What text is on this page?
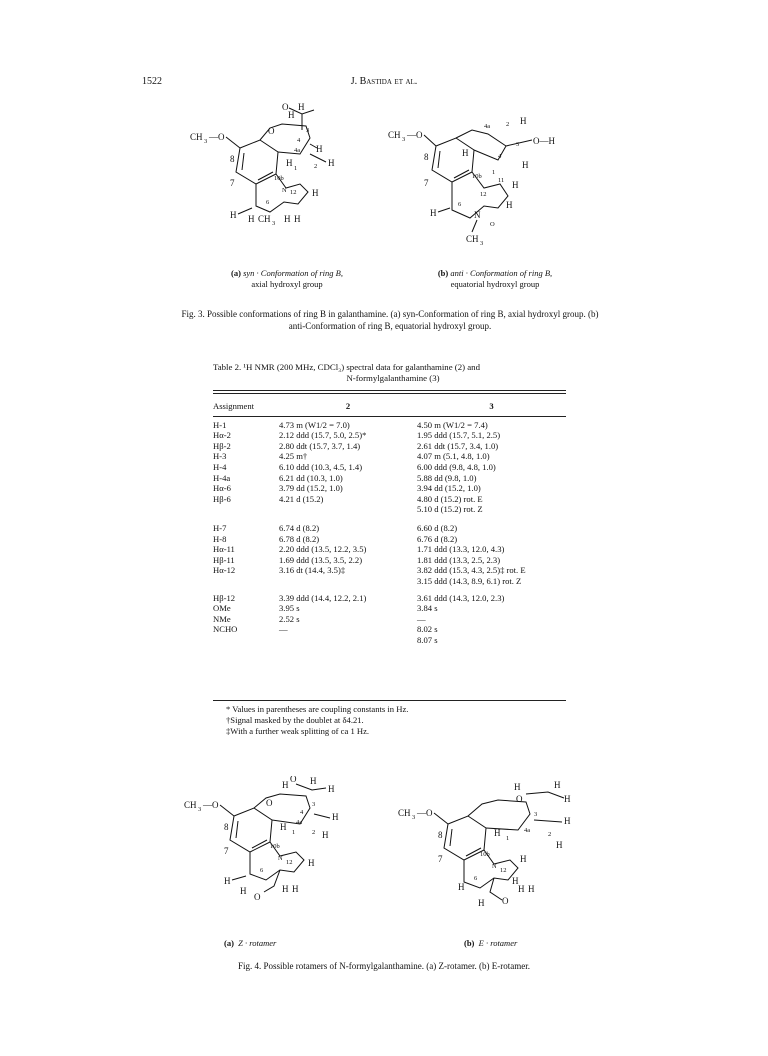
1522	J. Bastida et al.
CH 3 —O
8
7
O
H
H
O
3
4
4a H
H
2
H
1
10b
N 12 H
6
H H CH 3 H H
CH 3 —O
8
7
4a 2 H
4
3 O—H
H
H
10b
1
11
12
H
H
6
H	N
CH 3
O
(a) syn · Conformation of ring B,
axial hydroxyl group
(b) anti · Conformation of ring B,
equatorial hydroxyl group
Fig. 3. Possible conformations of ring B in galanthamine. (a) syn-Conformation of ring B, axial hydroxyl group. (b)
anti-Conformation of ring B, equatorial hydroxyl group.
Table 2. ¹H NMR (200 MHz, CDCl₃) spectral data for galanthamine (2) and
N-formylgalanthamine (3)
Assignment	2	3
H-1	4.73 m (W1/2 = 7.0)	4.50 m (W1/2 = 7.4)
Hα-2	2.12 ddd (15.7, 5.0, 2.5)*	1.95 ddd (15.7, 5.1, 2.5)
Hβ-2	2.80 ddt (15.7, 3.7, 1.4)	2.61 ddt (15.7, 3.4, 1.0)
H-3	4.25 m†	4.07 m (5.1, 4.8, 1.0)
H-4	6.10 ddd (10.3, 4.5, 1.4)	6.00 ddd (9.8, 4.8, 1.0)
H-4a	6.21 dd (10.3, 1.0)	5.88 dd (9.8, 1.0)
Hα-6	3.79 dd (15.2, 1.0)	3.94 dd (15.2, 1.0)
Hβ-6	4.21 d (15.2)	4.80 d (15.2) rot. E
		5.10 d (15.2) rot. Z
H-7	6.74 d (8.2)	6.60 d (8.2)
H-8	6.78 d (8.2)	6.76 d (8.2)
Hα-11	2.20 ddd (13.5, 12.2, 3.5)	1.71 ddd (13.3, 12.0, 4.3)
Hβ-11	1.69 ddd (13.5, 3.5, 2.2)	1.81 ddd (13.3, 2.5, 2.3)
Hα-12	3.16 dt (14.4, 3.5)‡	3.82 ddd (15.3, 4.3, 2.5)‡ rot. E
		3.15 ddd (14.3, 8.9, 6.1) rot. Z
Hβ-12	3.39 ddd (14.4, 12.2, 2.1)	3.61 ddd (14.3, 12.0, 2.3)
OMe	3.95 s	3.84 s
NMe	2.52 s	—
NCHO	—	8.02 s
		8.07 s
* Values in parentheses are coupling constants in Hz.
†Signal masked by the doublet at δ4.21.
‡With a further weak splitting of ca 1 Hz.
CH 3 —O
8
7
O
H H
O
H
3
4
4a
H
H
2
H
1
10b
N
12 H
6
H
H
O
H H
CH 3 —O
8
7
H	H
O	H
3
H
4a
2
H
H
1
10b
N
12
H
H
6
H
O
H
H H
(a) Z · rotamer	(b) E · rotamer
Fig. 4. Possible rotamers of N-formylgalanthamine. (a) Z-rotamer. (b) E-rotamer.
